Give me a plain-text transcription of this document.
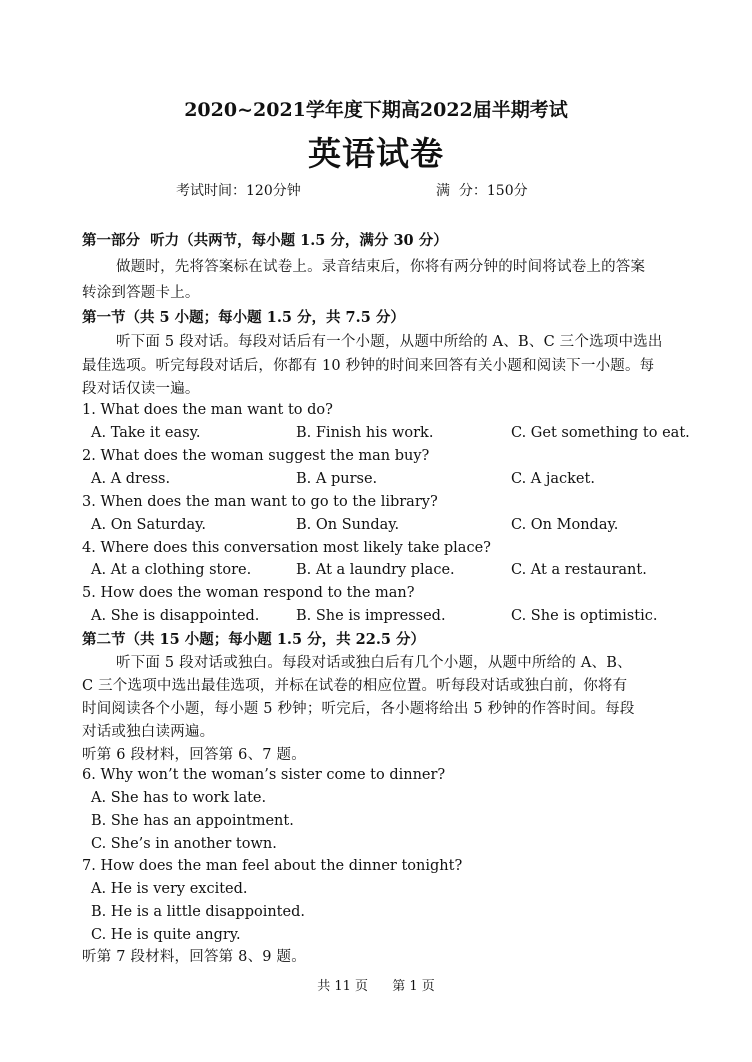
2020~2021学年度下期高2022届半期考试
英语试卷
考试时间：120分钟	满  分：150分
第一部分  听力（共两节，每小题 1.5 分，满分 30 分）
做题时，先将答案标在试卷上。录音结束后，你将有两分钟的时间将试卷上的答案
转涂到答题卡上。
第一节（共 5 小题；每小题 1.5 分，共 7.5 分）
听下面 5 段对话。每段对话后有一个小题，从题中所给的 A、B、C 三个选项中选出
最佳选项。听完每段对话后，你都有 10 秒钟的时间来回答有关小题和阅读下一小题。每
段对话仅读一遍。
1. What does the man want to do?
A. Take it easy.	B. Finish his work.	C. Get something to eat.
2. What does the woman suggest the man buy?
A. A dress.	B. A purse.	C. A jacket.
3. When does the man want to go to the library?
A. On Saturday.	B. On Sunday.	C. On Monday.
4. Where does this conversation most likely take place?
A. At a clothing store.	B. At a laundry place.	C. At a restaurant.
5. How does the woman respond to the man?
A. She is disappointed.	B. She is impressed.	C. She is optimistic.
第二节（共 15 小题；每小题 1.5 分，共 22.5 分）
听下面 5 段对话或独白。每段对话或独白后有几个小题，从题中所给的 A、B、
C 三个选项中选出最佳选项，并标在试卷的相应位置。听每段对话或独白前，你将有
时间阅读各个小题，每小题 5 秒钟；听完后，各小题将给出 5 秒钟的作答时间。每段
对话或独白读两遍。
听第 6 段材料，回答第 6、7 题。
6. Why won’t the woman’s sister come to dinner?
A. She has to work late.
B. She has an appointment.
C. She’s in another town.
7. How does the man feel about the dinner tonight?
A. He is very excited.
B. He is a little disappointed.
C. He is quite angry.
听第 7 段材料，回答第 8、9 题。
共 11 页 第 1 页
